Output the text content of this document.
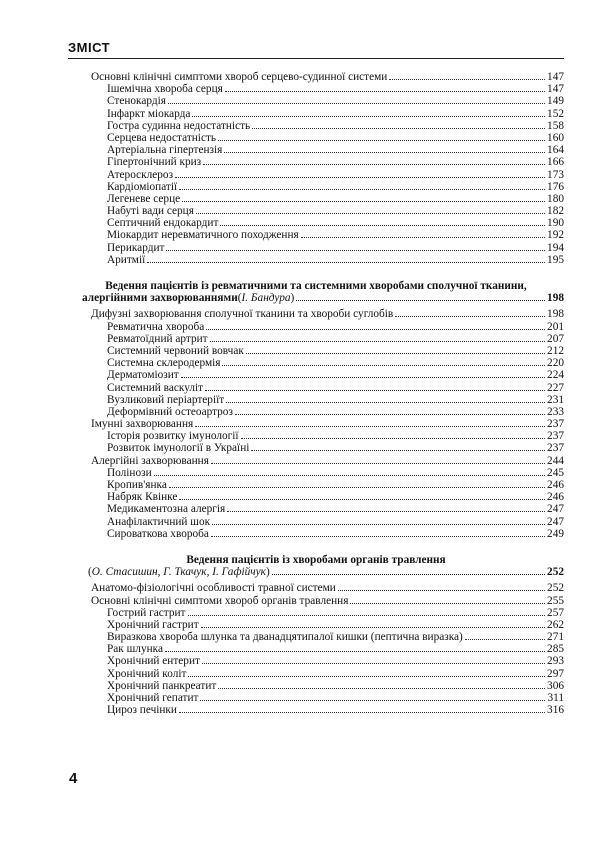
ЗМІСТ
Основні клінічні симптоми хвороб серцево-судинної системи	147
Ішемічна хвороба серця	147
Стенокардія	149
Інфаркт міокарда	152
Гостра судинна недостатність	158
Серцева недостатність	160
Артеріальна гіпертензія	164
Гіпертонічний криз	166
Атеросклероз	173
Кардіоміопатії	176
Легеневе серце	180
Набуті вади серця	182
Септичний ендокардит	190
Міокардит неревматичного походження	192
Перикардит	194
Аритмії	195
Ведення пацієнтів із ревматичними та системними хворобами сполучної тканини,
алергійними захворюваннями ( І. Бандура )	198
Дифузні захворювання сполучної тканини та хвороби суглобів	198
Ревматична хвороба	201
Ревматоїдний артрит	207
Системний червоний вовчак	212
Системна склеродермія	220
Дерматоміозит	224
Системний васкуліт	227
Вузликовий періартеріїт	231
Деформівний остеоартроз	233
Імунні захворювання	237
Історія розвитку імунології	237
Розвиток імунології в Україні	237
Алергійні захворювання	244
Полінози	245
Кропив'янка	246
Набряк Квінке	246
Медикаментозна алергія	247
Анафілактичний шок	247
Сироваткова хвороба	249
Ведення пацієнтів із хворобами органів травлення
( О. Стасишин, Г. Ткачук, І. Гафійчук )	252
Анатомо-фізіологічні особливості травної системи	252
Основні клінічні симптоми хвороб органів травлення	255
Гострий гастрит	257
Хронічний гастрит	262
Виразкова хвороба шлунка та дванадцятипалої кишки (пептична виразка)	271
Рак шлунка	285
Хронічний ентерит	293
Хронічний коліт	297
Хронічний панкреатит	306
Хронічний гепатит	311
Цироз печінки	316
4
